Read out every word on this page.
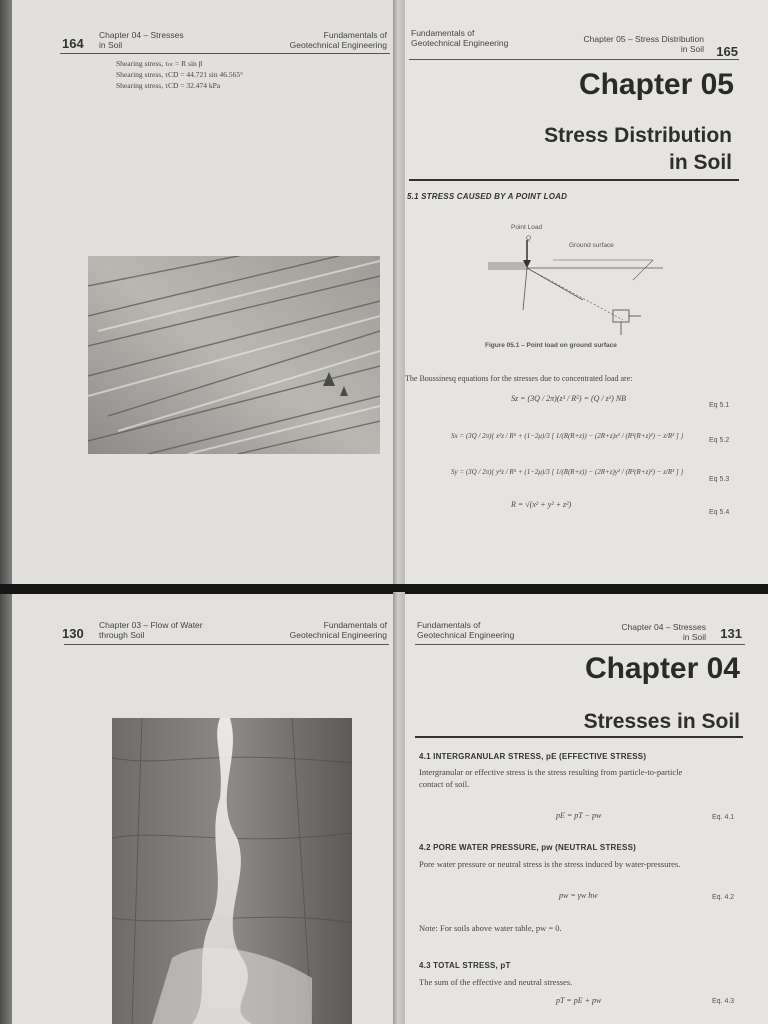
164
Chapter 04 – Stresses
in Soil
Fundamentals of
Geotechnical Engineering
Shearing stress, τₙₜ = R sin β
Shearing stress, τCD = 44.721 sin 46.565°
Shearing stress, τCD = 32.474 kPa
Fundamentals of
Geotechnical Engineering	Chapter 05 – Stress Distribution
in Soil 165
Chapter 05
Stress Distribution
in Soil
5.1 STRESS CAUSED BY A POINT LOAD
Point Load
Q
Ground surface
Figure 05.1 – Point load on ground surface
The Boussinesq equations for the stresses due to concentrated load are:
Sz = (3Q / 2π)(z³ / R⁵) = (Q / z²) NB
Eq 5.1
Sx = (3Q / 2π){ x²z / R⁵ + (1−2μ)/3 [ 1/(R(R+z)) − (2R+z)x² / (R³(R+z)²) − z/R³ ] }
Eq 5.2
Sy = (3Q / 2π){ y²z / R⁵ + (1−2μ)/3 [ 1/(R(R+z)) − (2R+z)y² / (R³(R+z)²) − z/R³ ] }
Eq 5.3
R = √(x² + y² + z²)
Eq 5.4
130
Chapter 03 – Flow of Water
through Soil
Fundamentals of
Geotechnical Engineering
Fundamentals of
Geotechnical Engineering
Chapter 04 – Stresses
in Soil 131
Chapter 04
Stresses in Soil
4.1 INTERGRANULAR STRESS, pE (EFFECTIVE STRESS)
Intergranular or effective stress is the stress resulting from particle-to-particle
contact of soil.
pE = pT − pw	Eq. 4.1
4.2 PORE WATER PRESSURE, pw (NEUTRAL STRESS)
Pore water pressure or neutral stress is the stress induced by water-pressures.
pw = γw hw	Eq. 4.2
Note: For soils above water table, pw = 0.
4.3 TOTAL STRESS, pT
The sum of the effective and neutral stresses.
pT = pE + pw	Eq. 4.3
